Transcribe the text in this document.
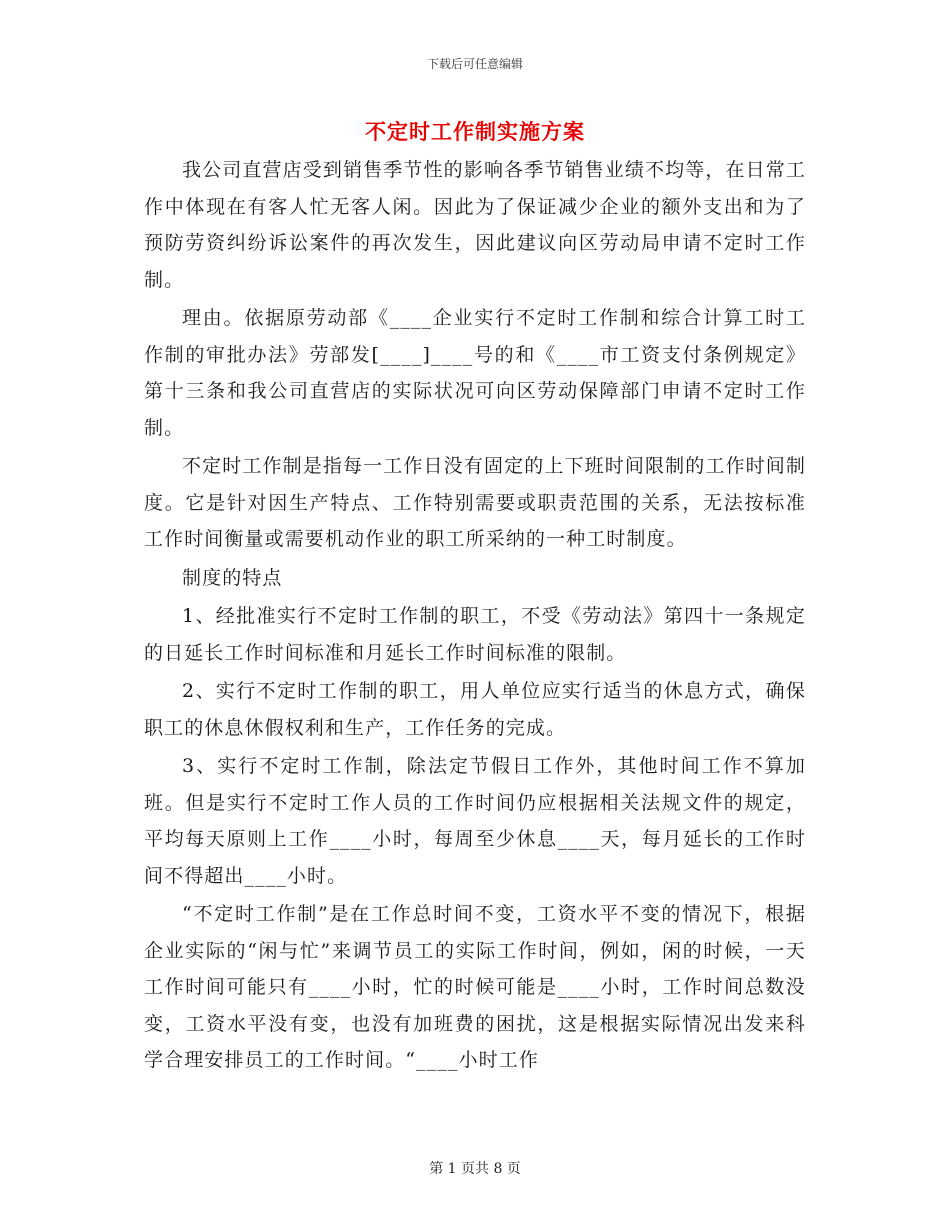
下载后可任意编辑
不定时工作制实施方案

我公司直营店受到销售季节性的影响各季节销售业绩不均等，在日常工作中体现在有客人忙无客人闲。因此为了保证减少企业的额外支出和为了预防劳资纠纷诉讼案件的再次发生，因此建议向区劳动局申请不定时工作制。

理由。依据原劳动部《____企业实行不定时工作制和综合计算工时工作制的审批办法》劳部发[____]____号的和《____市工资支付条例规定》第十三条和我公司直营店的实际状况可向区劳动保障部门申请不定时工作制。

不定时工作制是指每一工作日没有固定的上下班时间限制的工作时间制度。它是针对因生产特点、工作特别需要或职责范围的关系，无法按标准工作时间衡量或需要机动作业的职工所采纳的一种工时制度。

制度的特点

1、经批准实行不定时工作制的职工，不受《劳动法》第四十一条规定的日延长工作时间标准和月延长工作时间标准的限制。

2、实行不定时工作制的职工，用人单位应实行适当的休息方式，确保职工的休息休假权利和生产，工作任务的完成。

3、实行不定时工作制，除法定节假日工作外，其他时间工作不算加班。但是实行不定时工作人员的工作时间仍应根据相关法规文件的规定，平均每天原则上工作____小时，每周至少休息____天，每月延长的工作时间不得超出____小时。

“不定时工作制”是在工作总时间不变，工资水平不变的情况下，根据企业实际的“闲与忙”来调节员工的实际工作时间，例如，闲的时候，一天工作时间可能只有____小时，忙的时候可能是____小时，工作时间总数没变，工资水平没有变，也没有加班费的困扰，这是根据实际情况出发来科学合理安排员工的工作时间。“____小时工作

第 1 页共 8 页
